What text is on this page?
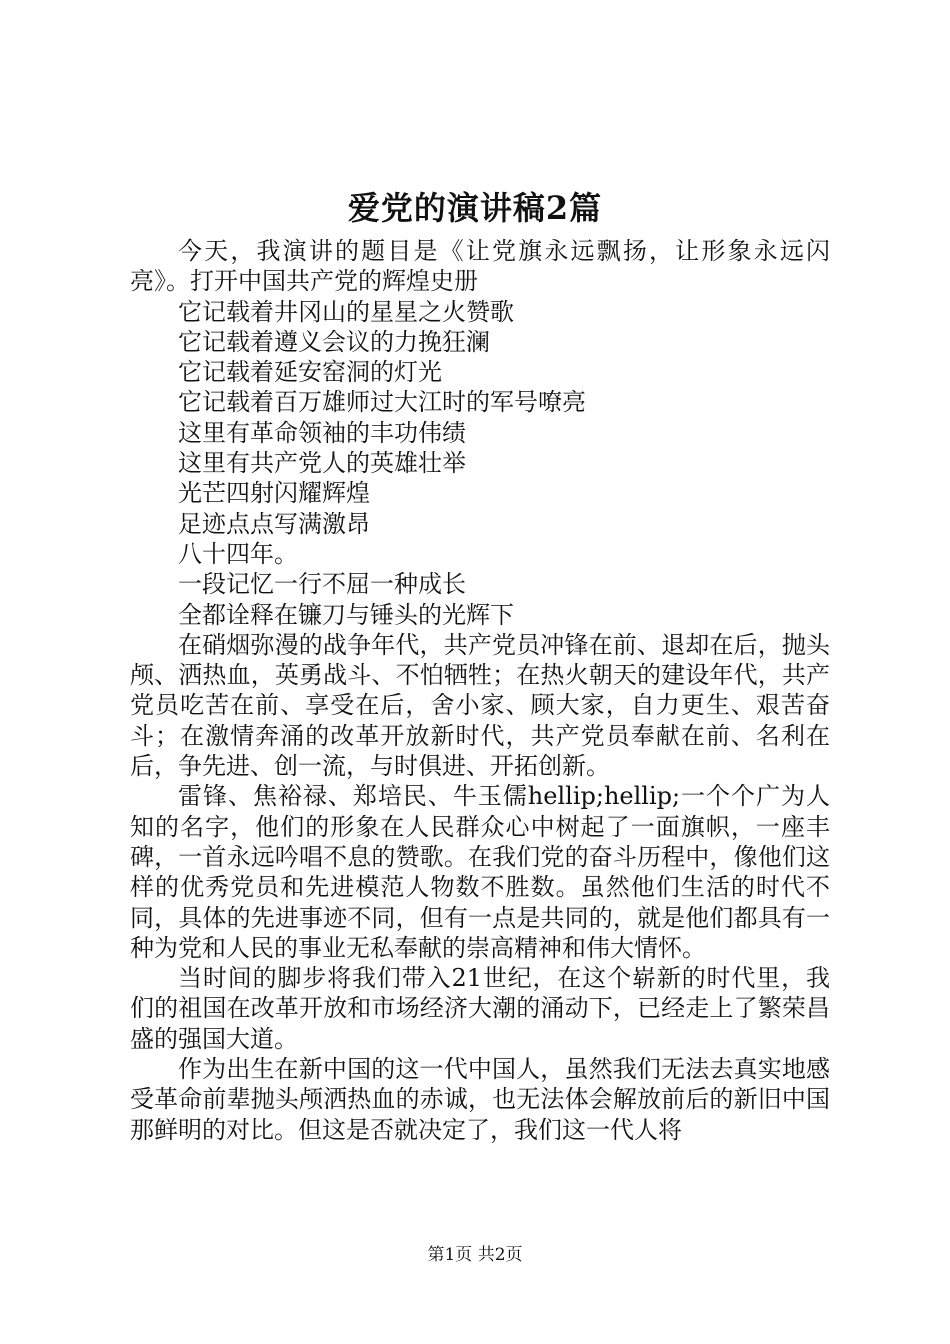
爱党的演讲稿2篇

今天，我演讲的题目是《让党旗永远飘扬，让形象永远闪亮》。打开中国共产党的辉煌史册

它记载着井冈山的星星之火赞歌

它记载着遵义会议的力挽狂澜

它记载着延安窑洞的灯光

它记载着百万雄师过大江时的军号嘹亮

这里有革命领袖的丰功伟绩

这里有共产党人的英雄壮举

光芒四射闪耀辉煌

足迹点点写满激昂

八十四年。

一段记忆一行不屈一种成长

全都诠释在镰刀与锤头的光辉下

在硝烟弥漫的战争年代，共产党员冲锋在前、退却在后，抛头颅、洒热血，英勇战斗、不怕牺牲；在热火朝天的建设年代，共产党员吃苦在前、享受在后，舍小家、顾大家，自力更生、艰苦奋斗；在激情奔涌的改革开放新时代，共产党员奉献在前、名利在后，争先进、创一流，与时俱进、开拓创新。

雷锋、焦裕禄、郑培民、牛玉儒hellip;hellip;一个个广为人知的名字，他们的形象在人民群众心中树起了一面旗帜，一座丰碑，一首永远吟唱不息的赞歌。在我们党的奋斗历程中，像他们这样的优秀党员和先进模范人物数不胜数。虽然他们生活的时代不同，具体的先进事迹不同，但有一点是共同的，就是他们都具有一种为党和人民的事业无私奉献的崇高精神和伟大情怀。

当时间的脚步将我们带入21世纪，在这个崭新的时代里，我们的祖国在改革开放和市场经济大潮的涌动下，已经走上了繁荣昌盛的强国大道。

作为出生在新中国的这一代中国人，虽然我们无法去真实地感受革命前辈抛头颅洒热血的赤诚，也无法体会解放前后的新旧中国那鲜明的对比。但这是否就决定了，我们这一代人将

第1页 共2页
